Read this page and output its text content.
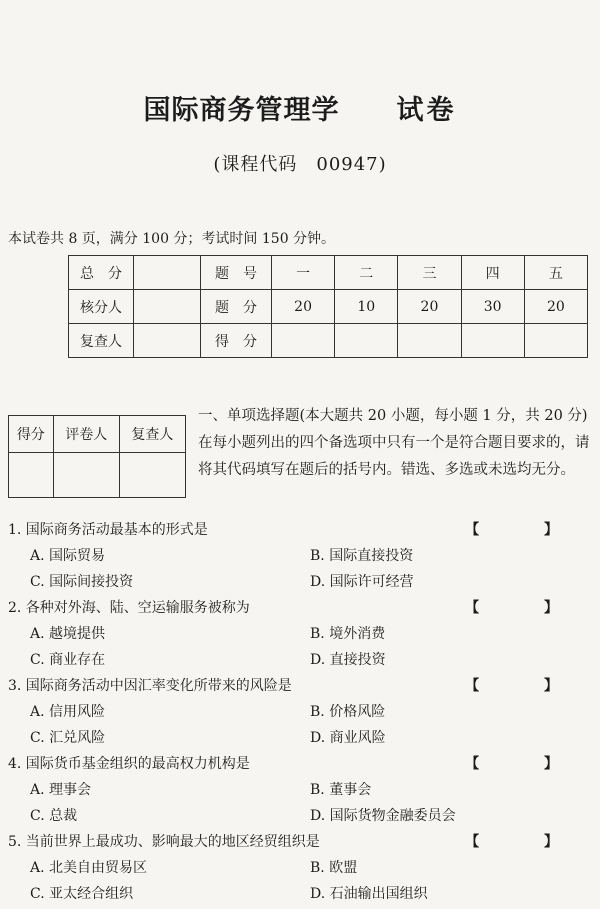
国际商务管理学 试卷
(课程代码　00947)
本试卷共 8 页，满分 100 分；考试时间 150 分钟。
总　分		题　号	一	二	三	四	五
核分人		题　分	20	10	20	30	20
复查人		得　分					
得分	评卷人	复查人

一、单项选择题(本大题共 20 小题，每小题 1 分，共 20 分)在每小题列出的四个备选项中只有一个是符合题目要求的，请将其代码填写在题后的括号内。错选、多选或未选均无分。
1. 国际商务活动最基本的形式是	【 】
A. 国际贸易	B. 国际直接投资
C. 国际间接投资	D. 国际许可经营
2. 各种对外海、陆、空运输服务被称为	【 】
A. 越境提供	B. 境外消费
C. 商业存在	D. 直接投资
3. 国际商务活动中因汇率变化所带来的风险是	【 】
A. 信用风险	B. 价格风险
C. 汇兑风险	D. 商业风险
4. 国际货币基金组织的最高权力机构是	【 】
A. 理事会	B. 董事会
C. 总裁	D. 国际货物金融委员会
5. 当前世界上最成功、影响最大的地区经贸组织是	【 】
A. 北美自由贸易区	B. 欧盟
C. 亚太经合组织	D. 石油输出国组织
